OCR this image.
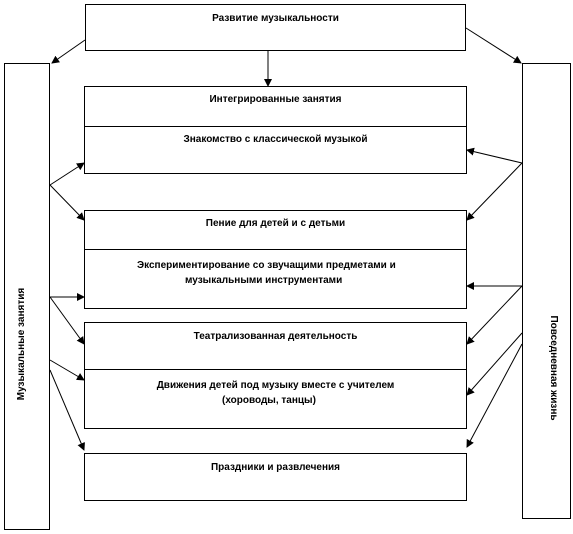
Развитие музыкальности
Музыкальные занятия	Повседневная жизнь
Интегрированные занятия
Знакомство с классической музыкой
Пение для детей и с детьми
Экспериментирование со звучащими предметами и
музыкальными инструментами
Театрализованная деятельность
Движения детей под музыку вместе с учителем
(хороводы, танцы)
Праздники и развлечения
